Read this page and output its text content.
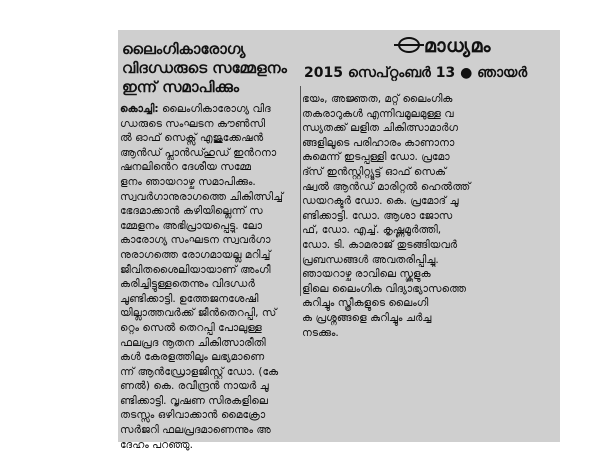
മാധ്യമം
2015 സെപ്റ്റംബർ 13 ● ഞായർ
ലൈംഗികാരോഗ്യ
വിദഗ്ധരുടെ സമ്മേളനം
ഇന്ന് സമാപിക്കും
കൊച്ചി: ലൈംഗികാരോഗ്യ വിദ
ഗ്ധരുടെ സംഘടന കൗൺസി
ൽ ഓഫ് സെക്സ് എജുക്കേഷൻ
ആൻഡ് പ്ലാൻഡ്ഹുഡ് ഇൻറനാ
ഷനലിൻെറ ദേശീയ സമ്മേ
ളനം ഞായറാഴ്ച സമാപിക്കും.
സ്വവർഗാനുരാഗത്തെ ചികിത്സിച്ച്
ഭേദമാക്കാൻ കഴിയില്ലെന്ന് സ
മ്മേളനം അഭിപ്രായപ്പെട്ടു. ലോ
കാരോഗ്യ സംഘടന സ്വവർഗാ
നുരാഗത്തെ രോഗമായല്ല മറിച്ച്
ജീവിതശൈലിയായാണ് അംഗീ
കരിച്ചിട്ടുള്ളതെന്നും വിദഗ്ധർ
ചൂണ്ടിക്കാട്ടി. ഉത്തേജനശേഷി
യില്ലാത്തവർക്ക് ജീൻതെറപ്പി, സ്
റ്റെം സെൽ തെറപ്പി പോലുള്ള
ഫലപ്രദ നൂതന ചികിത്സാരീതി
കൾ കേരളത്തിലും ലഭ്യമാണെ
ന്ന് ആൻഡ്രോളജിസ്റ്റ് ഡോ. (കേ
ണൽ) കെ. രവീന്ദ്രൻ നായർ ചൂ
ണ്ടിക്കാട്ടി. വൃഷണ സിരകളിലെ
തടസ്സം ഒഴിവാക്കാൻ മൈക്രോ
സർജറി ഫലപ്രദമാണെന്നും അ
ദേഹം പറഞ്ഞു.
ഭയം, അജ്ഞത, മറ്റ് ലൈംഗിക
തകരാറുകൾ എന്നിവമൂലമുള്ള വ
ന്ധ്യതക്ക് ലളിത ചികിത്സാമാർഗ
ങ്ങളിലൂടെ പരിഹാരം കാണാനാ
കുമെന്ന് ഇടപ്പള്ളി ഡോ. പ്രമോ
ദ്സ് ഇൻസ്റ്റിറ്റ്യൂട്ട് ഓഫ് സെക്
ഷ്വൽ ആൻഡ് മാരിറ്റൽ ഹെൽത്ത്
ഡയറക്ടർ ഡോ. കെ. പ്രമോദ് ചൂ
ണ്ടിക്കാട്ടി. ഡോ. ആശാ ജോസ
ഫ്, ഡോ. എച്ച്. കൃഷ്ണമൂർത്തി,
ഡോ. ടി. കാമരാജ് തുടങ്ങിയവർ
പ്രബന്ധങ്ങൾ അവതരിപ്പിച്ചു.
ഞായറാഴ്ച രാവിലെ സ്കൂളുക
ളിലെ ലൈംഗിക വിദ്യാഭ്യാസത്തെ
കുറിച്ചും സ്ത്രീകളുടെ ലൈംഗി
ക പ്രശ്നങ്ങളെ കുറിച്ചും ചർച്ച
നടക്കും.
